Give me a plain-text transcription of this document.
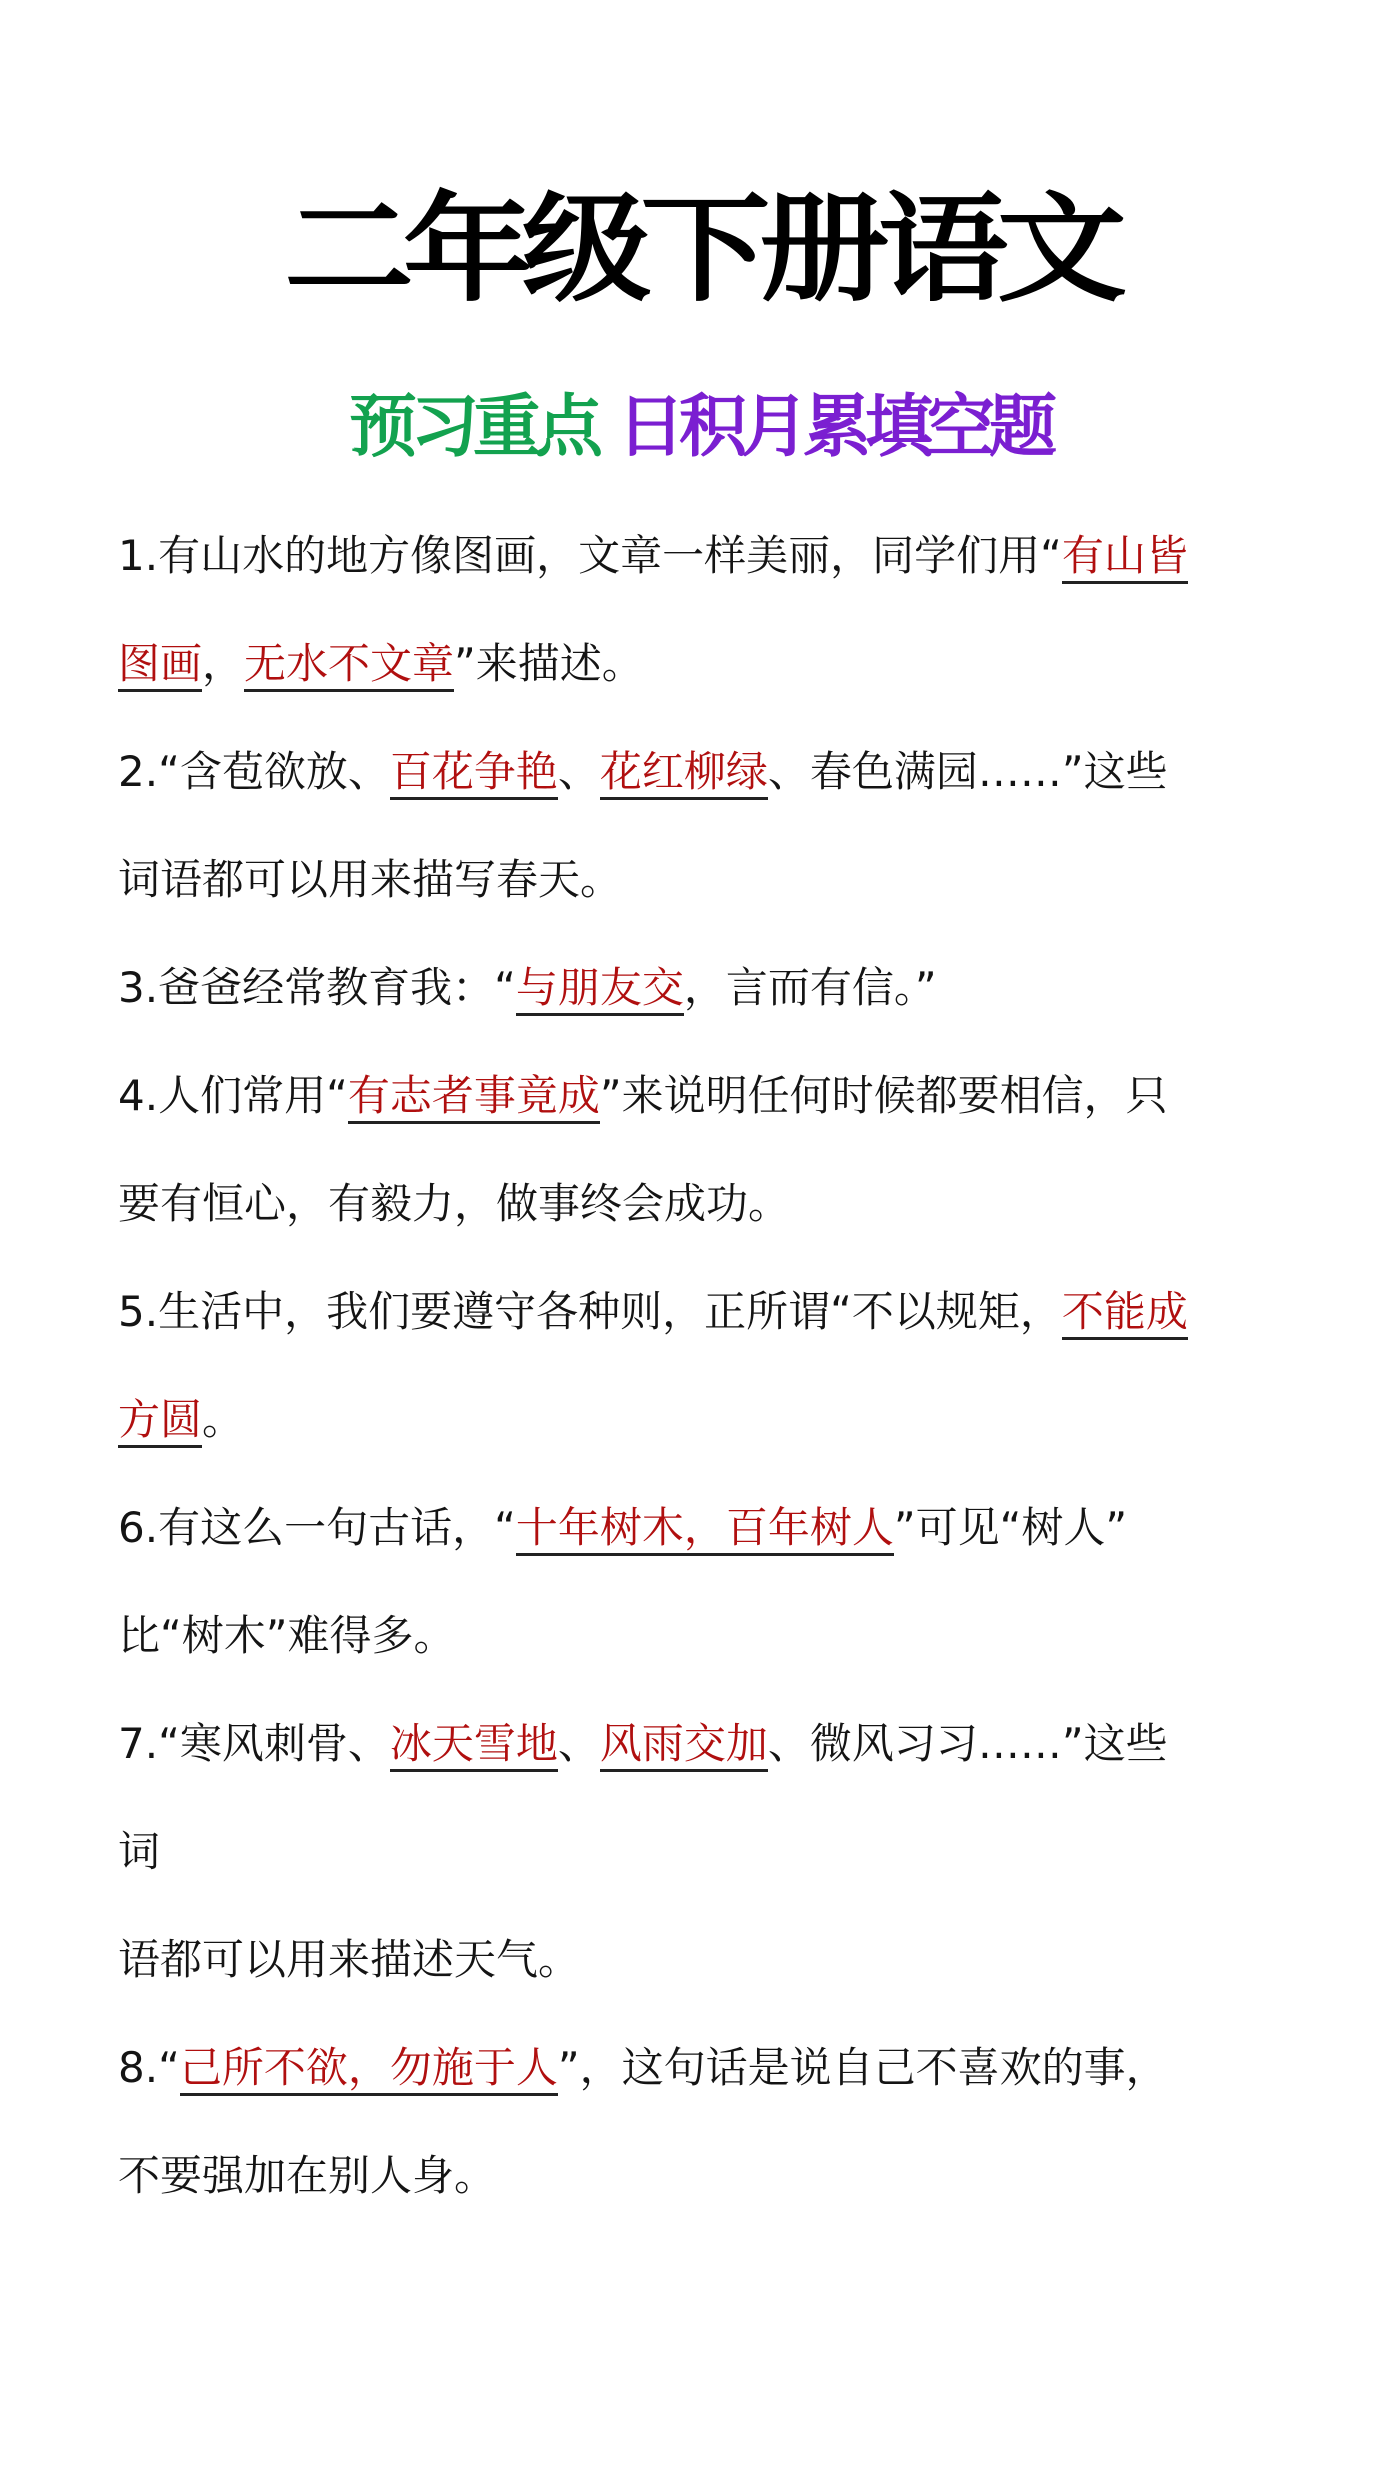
二年级下册语文
预习重点 日积月累填空题
1.有山水的地方像图画，文章一样美丽，同学们用“有山皆
图画，无水不文章”来描述。
2.“含苞欲放、百花争艳、花红柳绿、春色满园……”这些
词语都可以用来描写春天。
3.爸爸经常教育我：“与朋友交，言而有信。”
4.人们常用“有志者事竟成”来说明任何时候都要相信，只
要有恒心，有毅力，做事终会成功。
5.生活中，我们要遵守各种则，正所谓“不以规矩，不能成
方圆。
6.有这么一句古话，“十年树木，百年树人”可见“树人”
比“树木”难得多。
7.“寒风刺骨、冰天雪地、风雨交加、微风习习……”这些
词
语都可以用来描述天气。
8.“己所不欲，勿施于人”，这句话是说自己不喜欢的事，
不要强加在别人身。
